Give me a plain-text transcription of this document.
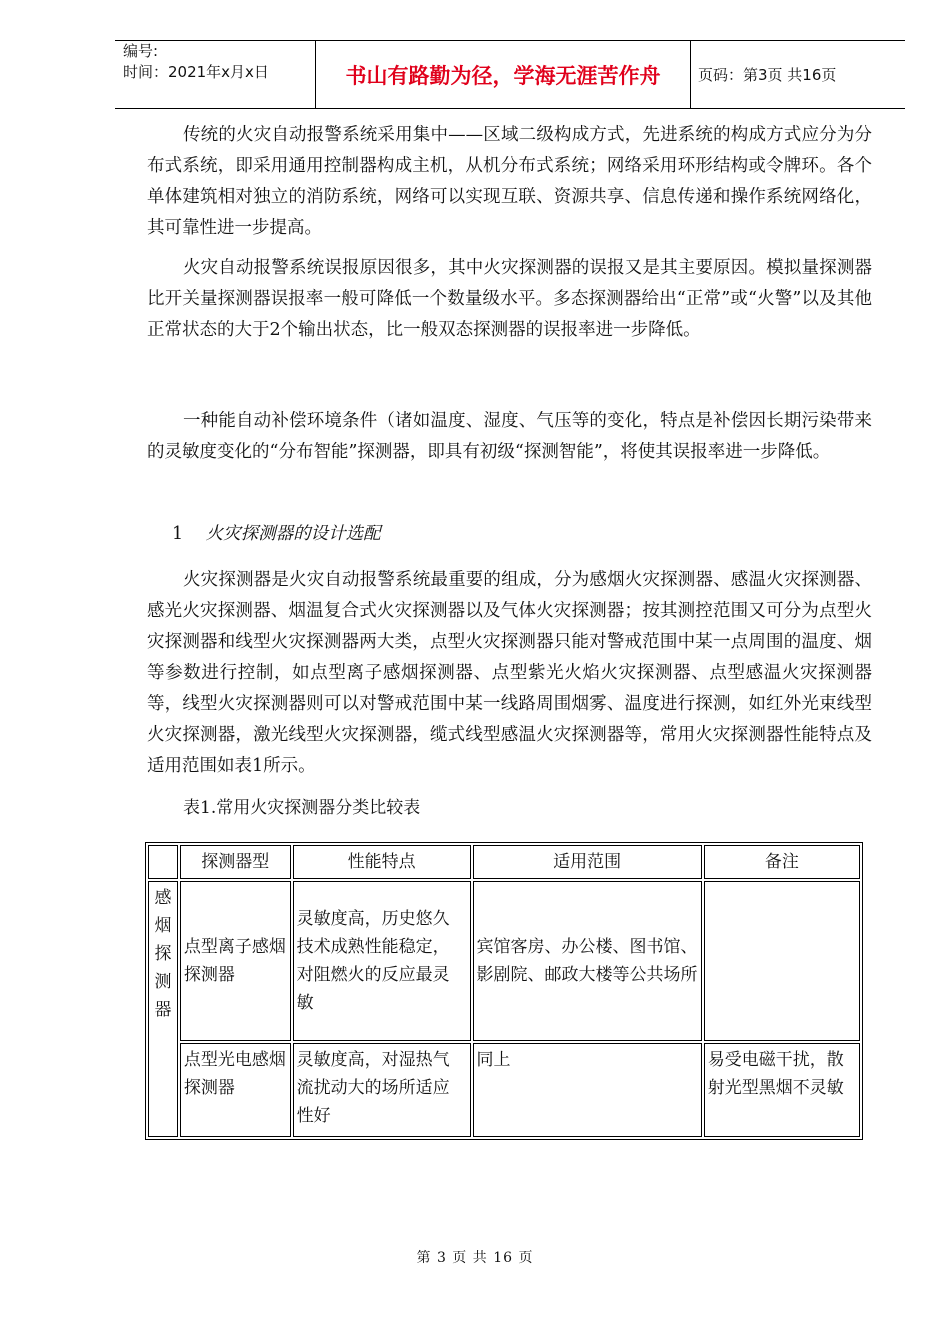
编号:
时间：2021年x月x日	书山有路勤为径，学海无涯苦作舟	页码：第3页 共16页

传统的火灾自动报警系统采用集中——区域二级构成方式，先进系统的构成方式应分为分布式系统，即采用通用控制器构成主机，从机分布式系统；网络采用环形结构或令牌环。各个单体建筑相对独立的消防系统，网络可以实现互联、资源共享、信息传递和操作系统网络化，其可靠性进一步提高。

火灾自动报警系统误报原因很多，其中火灾探测器的误报又是其主要原因。模拟量探测器比开关量探测器误报率一般可降低一个数量级水平。多态探测器给出“正常”或“火警”以及其他正常状态的大于2个输出状态，比一般双态探测器的误报率进一步降低。

一种能自动补偿环境条件（诸如温度、湿度、气压等的变化，特点是补偿因长期污染带来的灵敏度变化的“分布智能”探测器，即具有初级“探测智能”，将使其误报率进一步降低。

1 火灾探测器的设计选配

火灾探测器是火灾自动报警系统最重要的组成，分为感烟火灾探测器、感温火灾探测器、感光火灾探测器、烟温复合式火灾探测器以及气体火灾探测器；按其测控范围又可分为点型火灾探测器和线型火灾探测器两大类，点型火灾探测器只能对警戒范围中某一点周围的温度、烟等参数进行控制，如点型离子感烟探测器、点型紫光火焰火灾探测器、点型感温火灾探测器等，线型火灾探测器则可以对警戒范围中某一线路周围烟雾、温度进行探测，如红外光束线型火灾探测器，激光线型火灾探测器，缆式线型感温火灾探测器等，常用火灾探测器性能特点及适用范围如表1所示。

表1.常用火灾探测器分类比较表
	探测器型	性能特点	适用范围	备注
感烟探测器	点型离子感烟探测器	灵敏度高，历史悠久技术成熟性能稳定，对阻燃火的反应最灵敏	宾馆客房、办公楼、图书馆、影剧院、邮政大楼等公共场所	
	点型光电感烟探测器	灵敏度高，对湿热气流扰动大的场所适应性好	同上	易受电磁干扰，散射光型黑烟不灵敏
第 3 页 共 16 页
